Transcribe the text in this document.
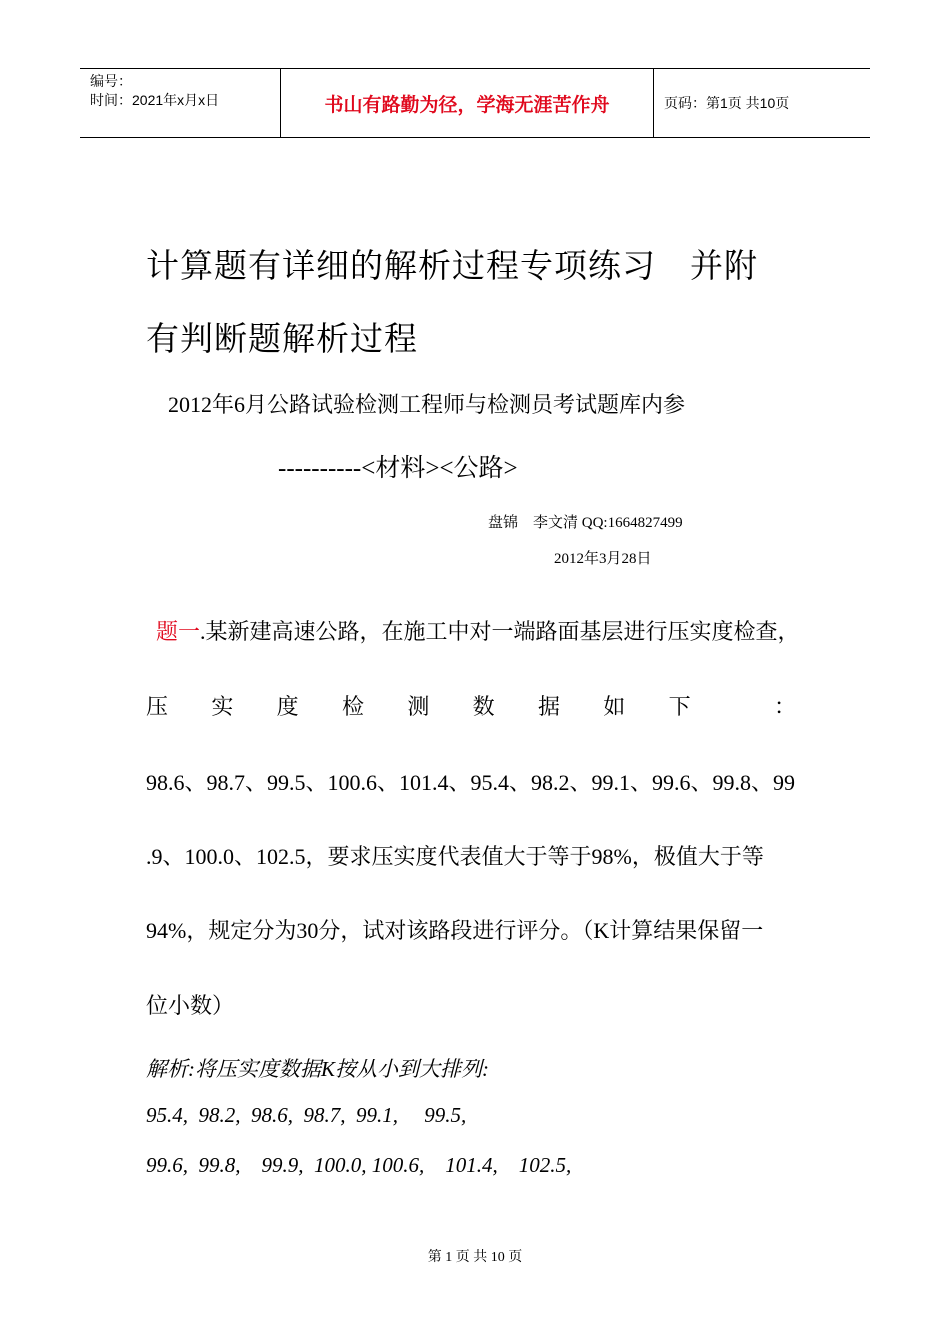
编号：
时间：2021年x月x日	书山有路勤为径，学海无涯苦作舟	页码：第1页 共10页
计算题有详细的解析过程专项练习　并附
有判断题解析过程
2012年6月公路试验检测工程师与检测员考试题库内参
----------<材料><公路>
盘锦　李文清 QQ:1664827499
2012年3月28日
题一.某新建高速公路，在施工中对一端路面基层进行压实度检查，
压 实 度 检 测 数 据 如 下	：
98.6、98.7、99.5、100.6、101.4、95.4、98.2、99.1、99.6、99.8、99
.9、100.0、102.5，要求压实度代表值大于等于98%，极值大于等
94%，规定分为30分，试对该路段进行评分。（K计算结果保留一
位小数）
解析:将压实度数据K按从小到大排列:
95.4,  98.2,  98.6,  98.7,  99.1,     99.5,
99.6,  99.8,    99.9,  100.0, 100.6,    101.4,    102.5,
第 1 页 共 10 页
